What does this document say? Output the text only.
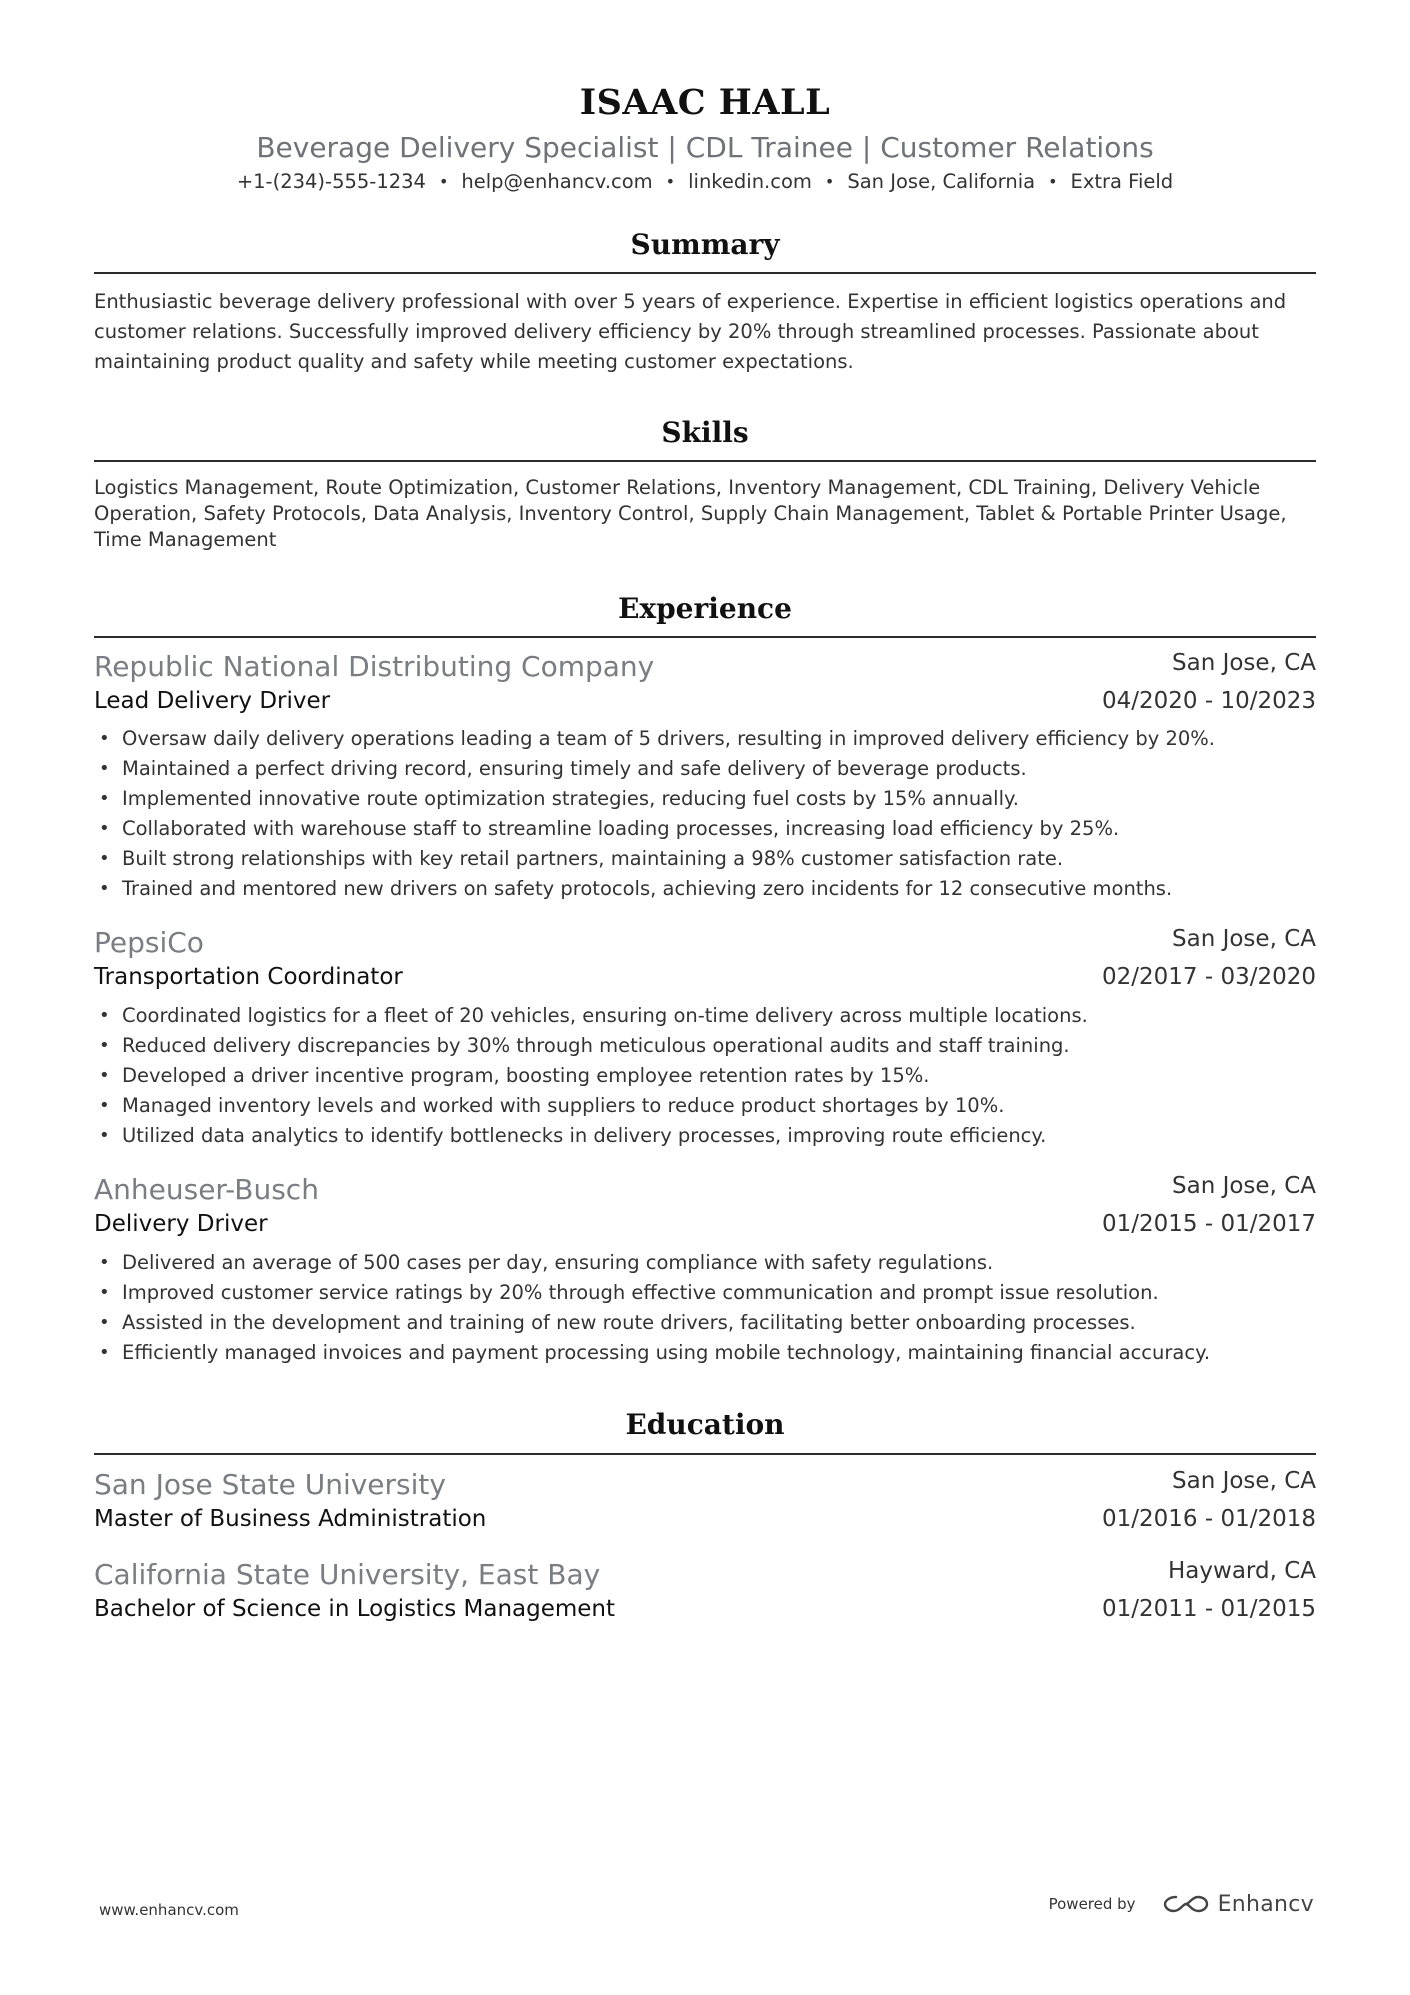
ISAAC HALL
Beverage Delivery Specialist | CDL Trainee | Customer Relations
+1-(234)-555-1234 • help@enhancv.com • linkedin.com • San Jose, California • Extra Field
Summary
Enthusiastic beverage delivery professional with over 5 years of experience. Expertise in efficient logistics operations and
customer relations. Successfully improved delivery efficiency by 20% through streamlined processes. Passionate about
maintaining product quality and safety while meeting customer expectations.
Skills
Logistics Management, Route Optimization, Customer Relations, Inventory Management, CDL Training, Delivery Vehicle
Operation, Safety Protocols, Data Analysis, Inventory Control, Supply Chain Management, Tablet & Portable Printer Usage,
Time Management
Experience
Republic National Distributing Company	San Jose, CA
Lead Delivery Driver	04/2020 - 10/2023
• Oversaw daily delivery operations leading a team of 5 drivers, resulting in improved delivery efficiency by 20%.
• Maintained a perfect driving record, ensuring timely and safe delivery of beverage products.
• Implemented innovative route optimization strategies, reducing fuel costs by 15% annually.
• Collaborated with warehouse staff to streamline loading processes, increasing load efficiency by 25%.
• Built strong relationships with key retail partners, maintaining a 98% customer satisfaction rate.
• Trained and mentored new drivers on safety protocols, achieving zero incidents for 12 consecutive months.
PepsiCo	San Jose, CA
Transportation Coordinator	02/2017 - 03/2020
• Coordinated logistics for a fleet of 20 vehicles, ensuring on-time delivery across multiple locations.
• Reduced delivery discrepancies by 30% through meticulous operational audits and staff training.
• Developed a driver incentive program, boosting employee retention rates by 15%.
• Managed inventory levels and worked with suppliers to reduce product shortages by 10%.
• Utilized data analytics to identify bottlenecks in delivery processes, improving route efficiency.
Anheuser-Busch	San Jose, CA
Delivery Driver	01/2015 - 01/2017
• Delivered an average of 500 cases per day, ensuring compliance with safety regulations.
• Improved customer service ratings by 20% through effective communication and prompt issue resolution.
• Assisted in the development and training of new route drivers, facilitating better onboarding processes.
• Efficiently managed invoices and payment processing using mobile technology, maintaining financial accuracy.
Education
San Jose State University	San Jose, CA
Master of Business Administration	01/2016 - 01/2018
California State University, East Bay	Hayward, CA
Bachelor of Science in Logistics Management	01/2011 - 01/2015
www.enhancv.com	Powered by	Enhancv
